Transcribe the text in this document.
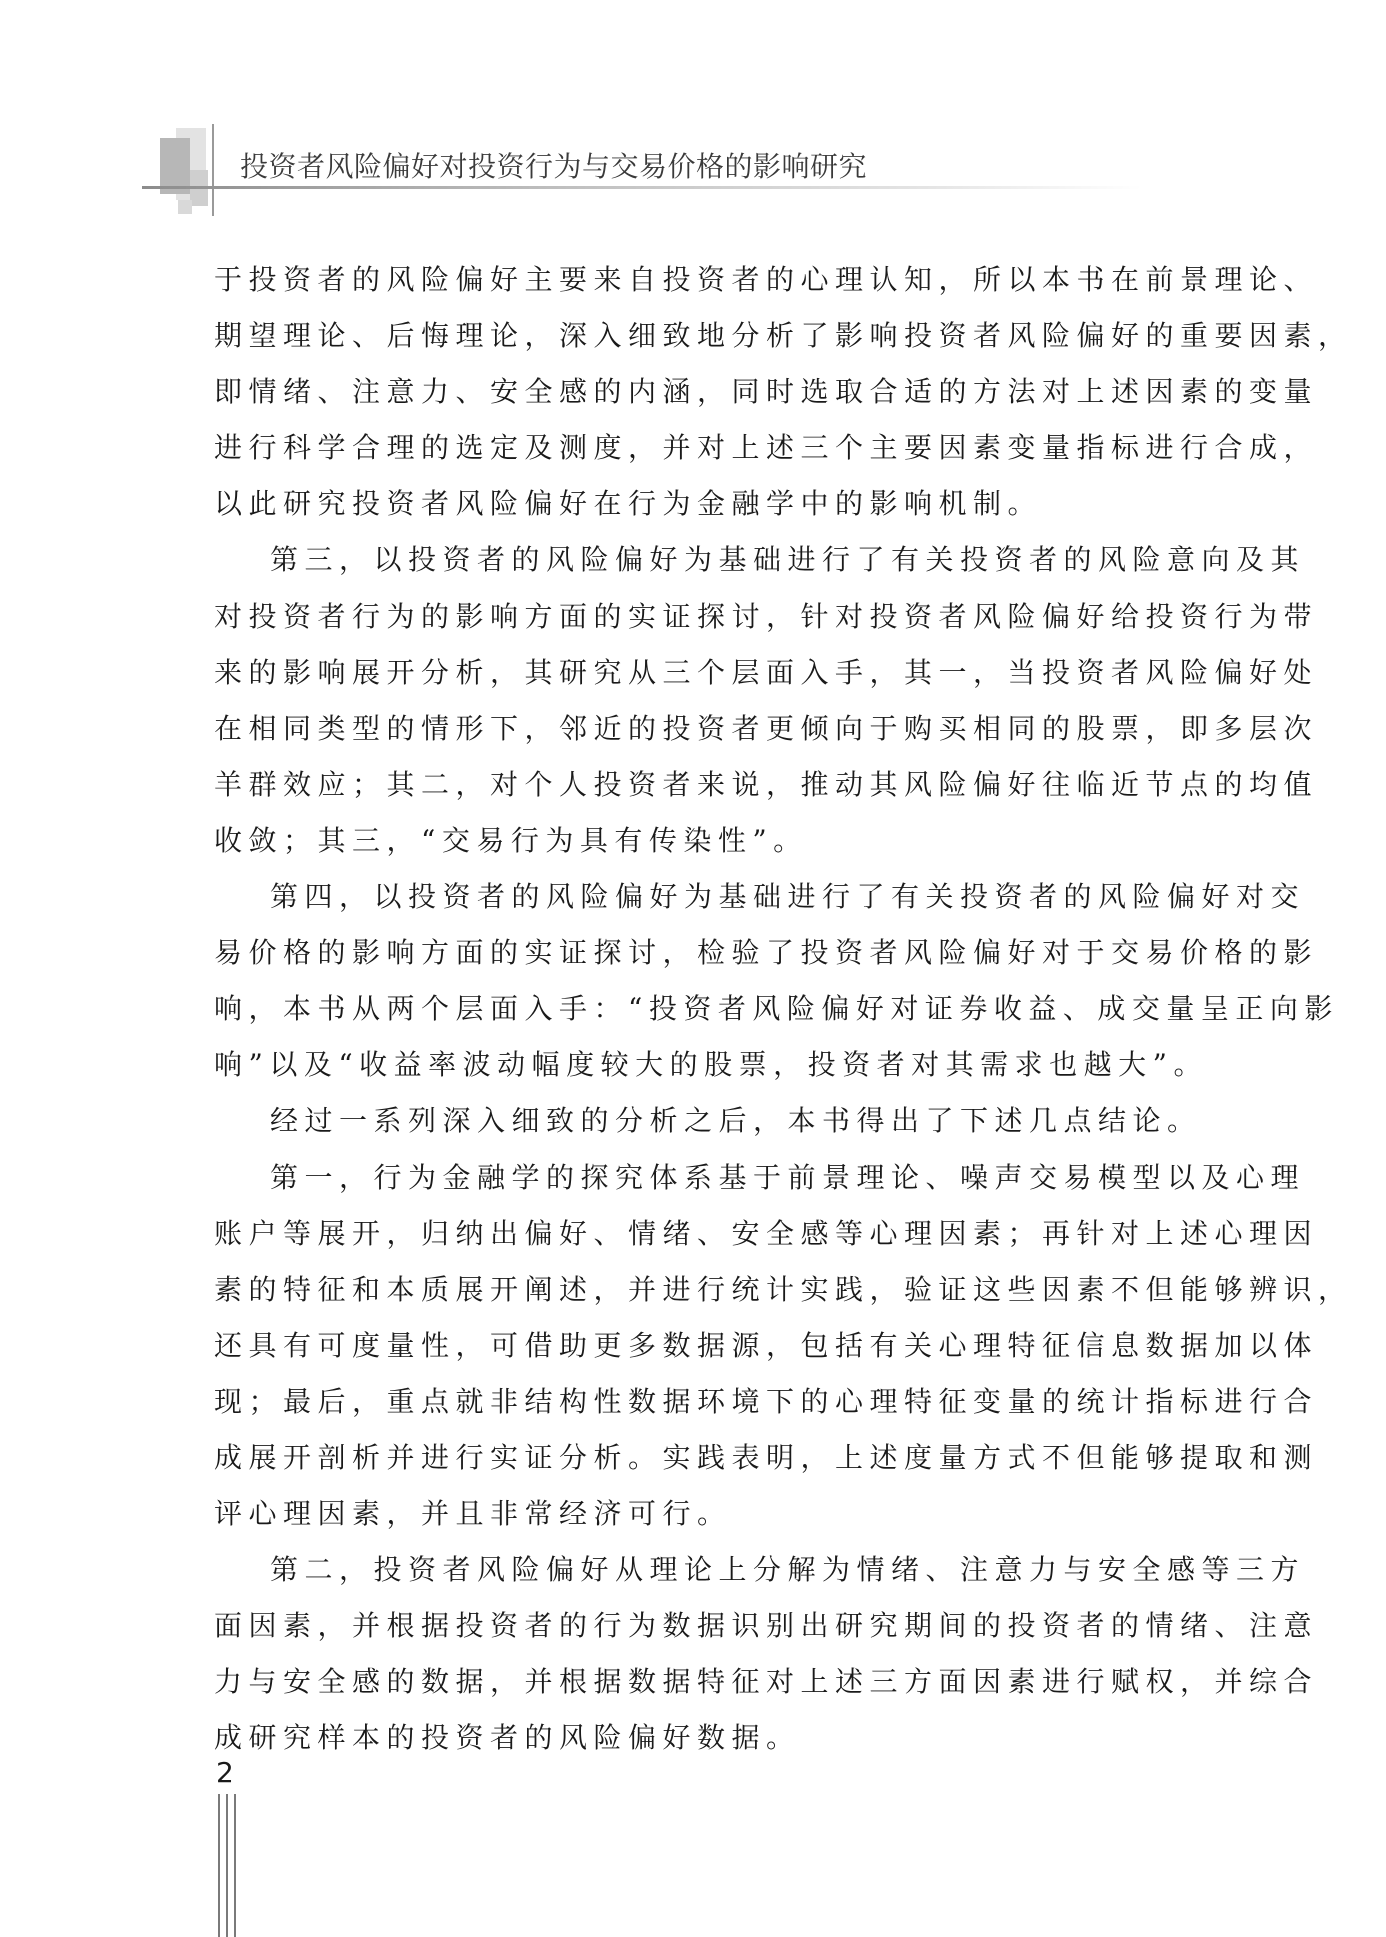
投资者风险偏好对投资行为与交易价格的影响研究
于投资者的风险偏好主要来自投资者的心理认知，所以本书在前景理论、
期望理论、后悔理论，深入细致地分析了影响投资者风险偏好的重要因素，
即情绪、注意力、安全感的内涵，同时选取合适的方法对上述因素的变量
进行科学合理的选定及测度，并对上述三个主要因素变量指标进行合成，
以此研究投资者风险偏好在行为金融学中的影响机制。
第三，以投资者的风险偏好为基础进行了有关投资者的风险意向及其
对投资者行为的影响方面的实证探讨，针对投资者风险偏好给投资行为带
来的影响展开分析，其研究从三个层面入手，其一，当投资者风险偏好处
在相同类型的情形下，邻近的投资者更倾向于购买相同的股票，即多层次
羊群效应；其二，对个人投资者来说，推动其风险偏好往临近节点的均值
收敛；其三，“交易行为具有传染性”。
第四，以投资者的风险偏好为基础进行了有关投资者的风险偏好对交
易价格的影响方面的实证探讨，检验了投资者风险偏好对于交易价格的影
响，本书从两个层面入手：“投资者风险偏好对证券收益、成交量呈正向影
响”以及“收益率波动幅度较大的股票，投资者对其需求也越大”。
经过一系列深入细致的分析之后，本书得出了下述几点结论。
第一，行为金融学的探究体系基于前景理论、噪声交易模型以及心理
账户等展开，归纳出偏好、情绪、安全感等心理因素；再针对上述心理因
素的特征和本质展开阐述，并进行统计实践，验证这些因素不但能够辨识，
还具有可度量性，可借助更多数据源，包括有关心理特征信息数据加以体
现；最后，重点就非结构性数据环境下的心理特征变量的统计指标进行合
成展开剖析并进行实证分析。实践表明，上述度量方式不但能够提取和测
评心理因素，并且非常经济可行。
第二，投资者风险偏好从理论上分解为情绪、注意力与安全感等三方
面因素，并根据投资者的行为数据识别出研究期间的投资者的情绪、注意
力与安全感的数据，并根据数据特征对上述三方面因素进行赋权，并综合
成研究样本的投资者的风险偏好数据。
2
